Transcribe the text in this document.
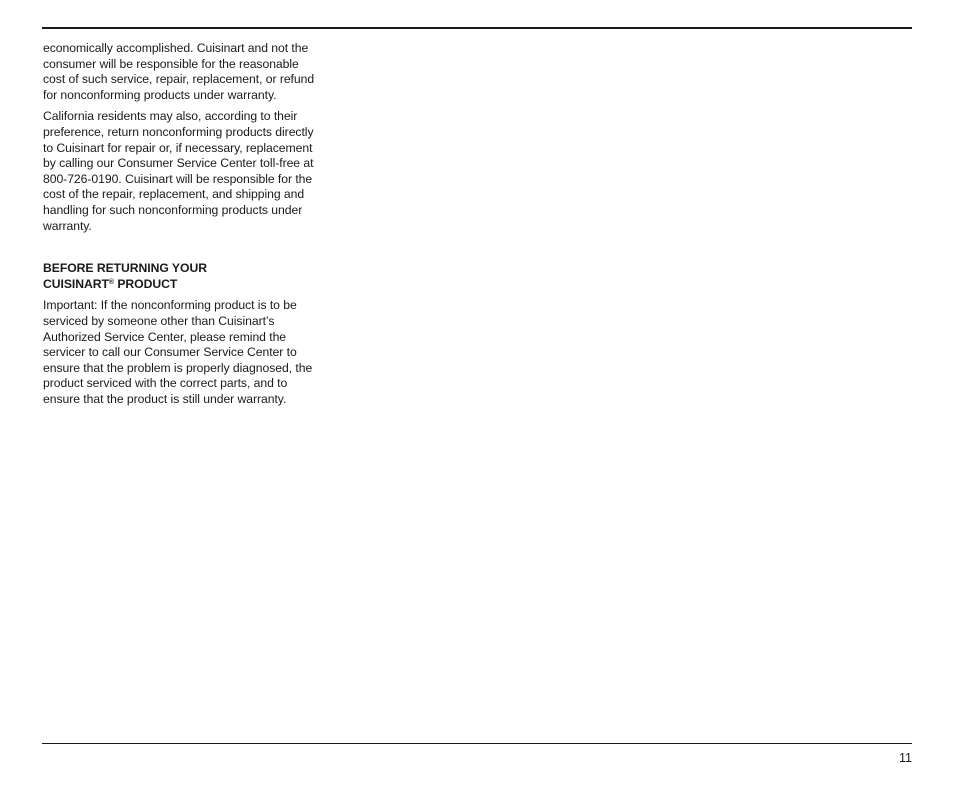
economically accomplished. Cuisinart and not the consumer will be responsible for the reasonable cost of such service, repair, replacement, or refund for nonconforming products under warranty.

California residents may also, according to their preference, return nonconforming products directly to Cuisinart for repair or, if necessary, replacement by calling our Consumer Service Center toll-free at 800-726-0190. Cuisinart will be responsible for the cost of the repair, replacement, and shipping and handling for such nonconforming products under warranty.

BEFORE RETURNING YOUR
CUISINART® PRODUCT

Important: If the nonconforming product is to be serviced by someone other than Cuisinart’s Authorized Service Center, please remind the servicer to call our Consumer Service Center to ensure that the problem is properly diagnosed, the product serviced with the correct parts, and to ensure that the product is still under warranty.

11
